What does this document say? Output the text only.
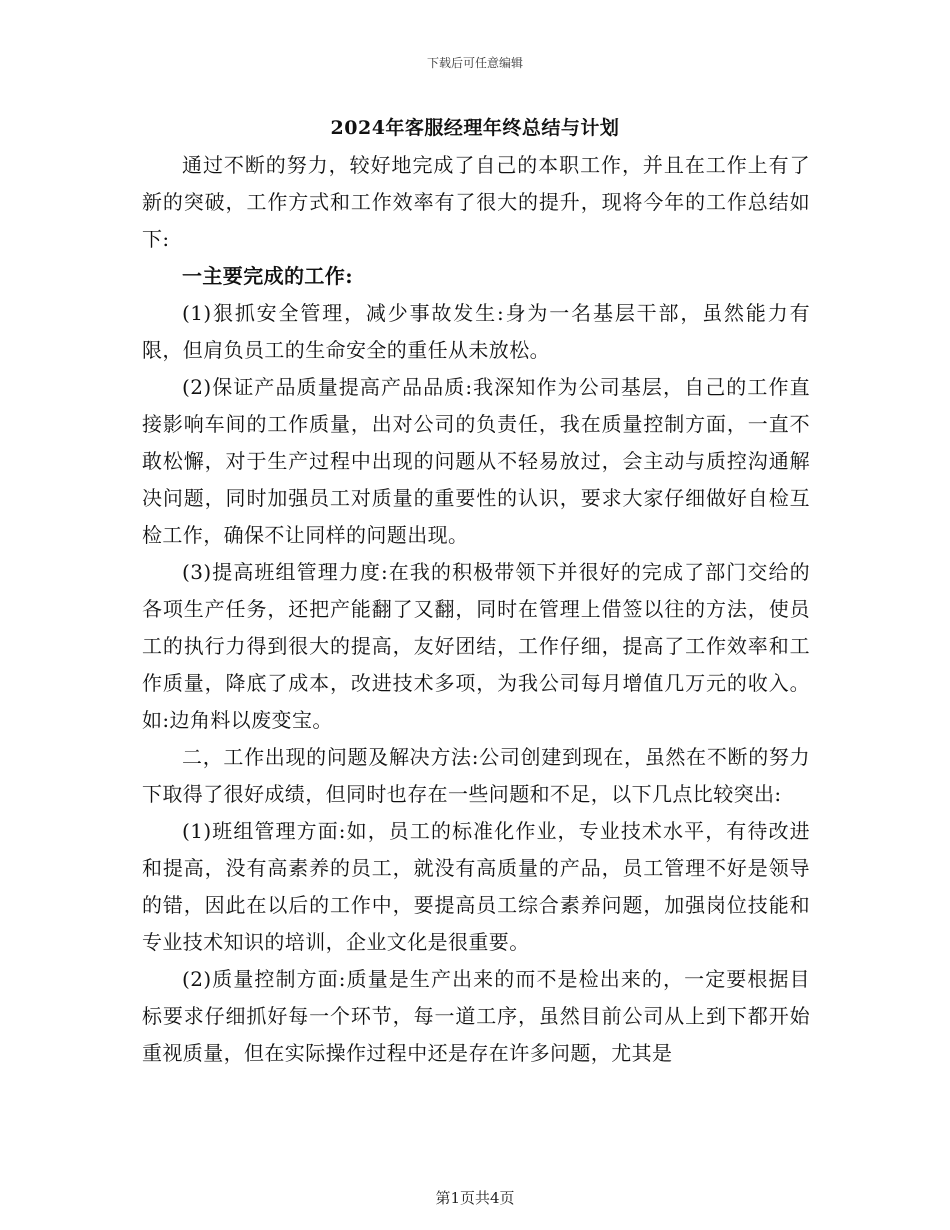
下载后可任意编辑
2024年客服经理年终总结与计划

通过不断的努力，较好地完成了自己的本职工作，并且在工作上有了新的突破，工作方式和工作效率有了很大的提升，现将今年的工作总结如下:

一主要完成的工作:

(1)狠抓安全管理，减少事故发生:身为一名基层干部，虽然能力有限，但肩负员工的生命安全的重任从未放松。

(2)保证产品质量提高产品品质:我深知作为公司基层，自己的工作直接影响车间的工作质量，出对公司的负责任，我在质量控制方面，一直不敢松懈，对于生产过程中出现的问题从不轻易放过，会主动与质控沟通解决问题，同时加强员工对质量的重要性的认识，要求大家仔细做好自检互检工作，确保不让同样的问题出现。

(3)提高班组管理力度:在我的积极带领下并很好的完成了部门交给的各项生产任务，还把产能翻了又翻，同时在管理上借签以往的方法，使员工的执行力得到很大的提高，友好团结，工作仔细，提高了工作效率和工作质量，降底了成本，改进技术多项，为我公司每月增值几万元的收入。如:边角料以废变宝。

二，工作出现的问题及解决方法:公司创建到现在，虽然在不断的努力下取得了很好成绩，但同时也存在一些问题和不足，以下几点比较突出:

(1)班组管理方面:如，员工的标准化作业，专业技术水平，有待改进和提高，没有高素养的员工，就没有高质量的产品，员工管理不好是领导的错，因此在以后的工作中，要提高员工综合素养问题，加强岗位技能和专业技术知识的培训，企业文化是很重要。

(2)质量控制方面:质量是生产出来的而不是检出来的，一定要根据目标要求仔细抓好每一个环节，每一道工序，虽然目前公司从上到下都开始重视质量，但在实际操作过程中还是存在许多问题，尤其是

第1页共4页
